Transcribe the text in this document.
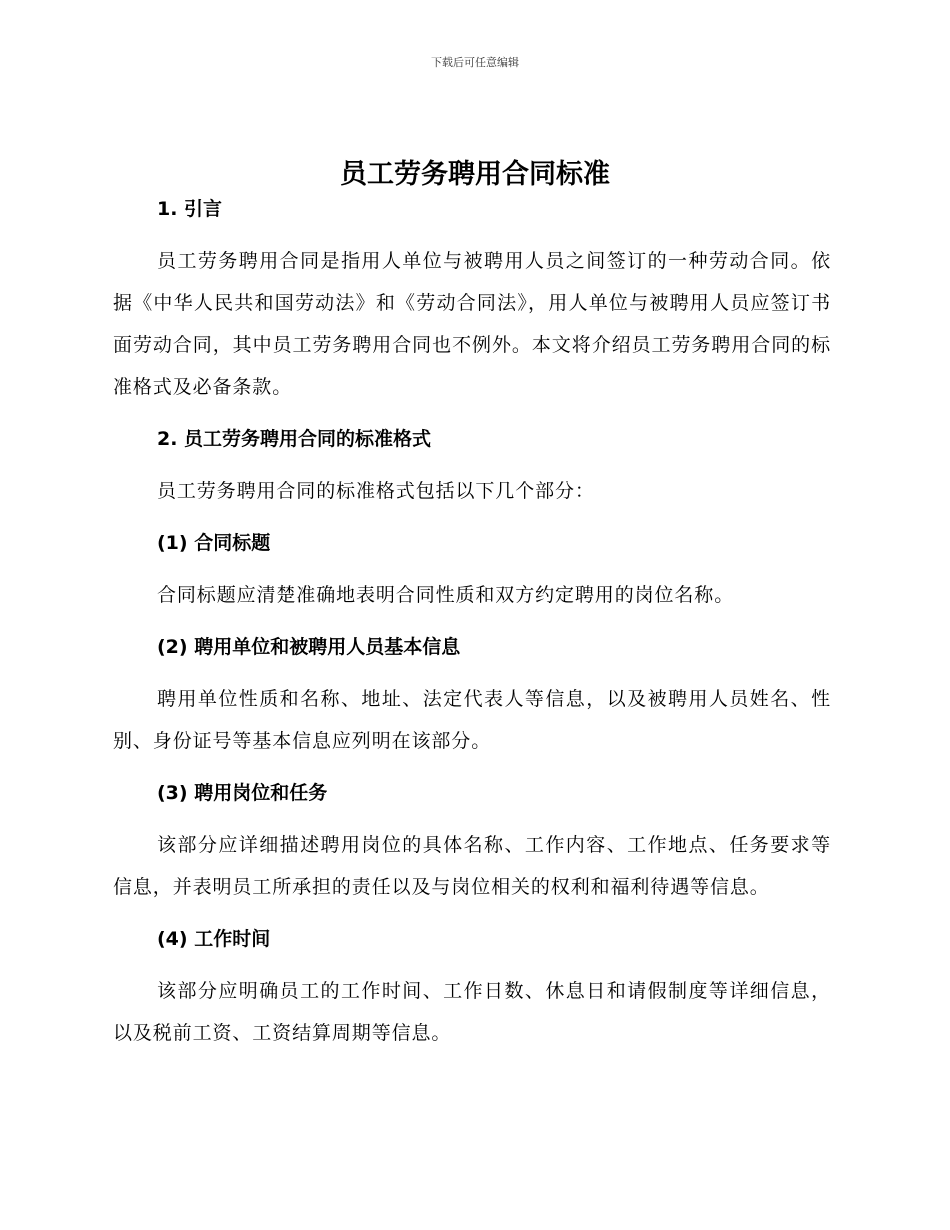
下载后可任意编辑
员工劳务聘用合同标准
1. 引言

员工劳务聘用合同是指用人单位与被聘用人员之间签订的一种劳动合同。依据《中华人民共和国劳动法》和《劳动合同法》，用人单位与被聘用人员应签订书面劳动合同，其中员工劳务聘用合同也不例外。本文将介绍员工劳务聘用合同的标准格式及必备条款。

2. 员工劳务聘用合同的标准格式

员工劳务聘用合同的标准格式包括以下几个部分：

(1) 合同标题

合同标题应清楚准确地表明合同性质和双方约定聘用的岗位名称。

(2) 聘用单位和被聘用人员基本信息

聘用单位性质和名称、地址、法定代表人等信息，以及被聘用人员姓名、性别、身份证号等基本信息应列明在该部分。

(3) 聘用岗位和任务

该部分应详细描述聘用岗位的具体名称、工作内容、工作地点、任务要求等信息，并表明员工所承担的责任以及与岗位相关的权利和福利待遇等信息。

(4) 工作时间

该部分应明确员工的工作时间、工作日数、休息日和请假制度等详细信息，以及税前工资、工资结算周期等信息。
